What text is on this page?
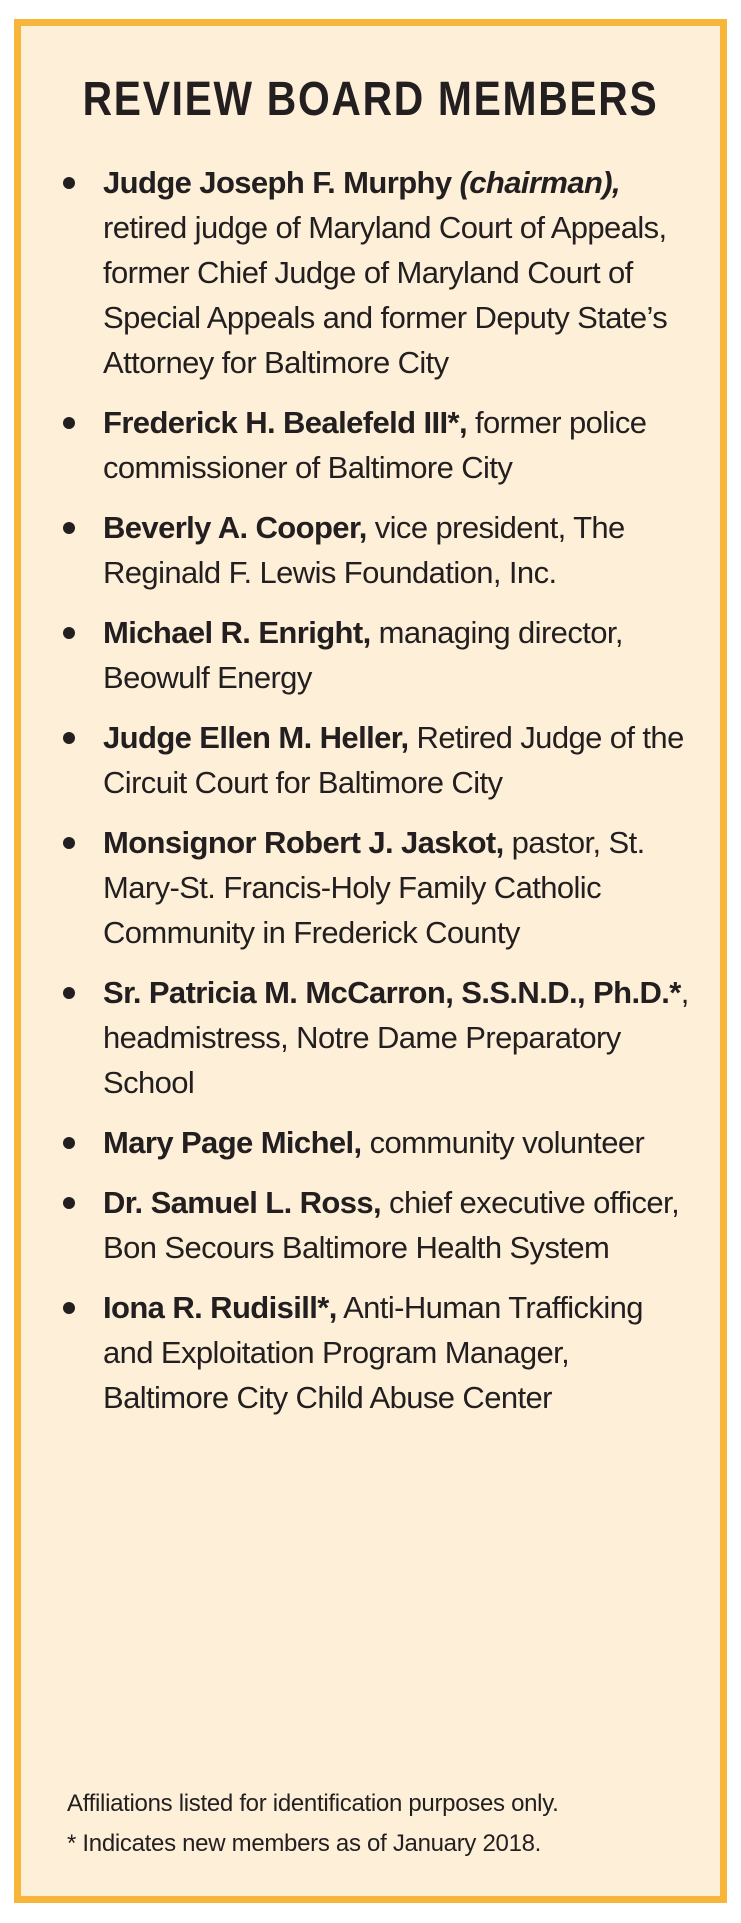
REVIEW BOARD MEMBERS
Judge Joseph F. Murphy (chairman), retired judge of Maryland Court of Appeals, former Chief Judge of Maryland Court of Special Appeals and former Deputy State’s Attorney for Baltimore City
Frederick H. Bealefeld III*, former police commissioner of Baltimore City
Beverly A. Cooper, vice president, The Reginald F. Lewis Foundation, Inc.
Michael R. Enright, managing director, Beowulf Energy
Judge Ellen M. Heller, Retired Judge of the Circuit Court for Baltimore City
Monsignor Robert J. Jaskot, pastor, St. Mary-St. Francis-Holy Family Catholic Community in Frederick County
Sr. Patricia M. McCarron, S.S.N.D., Ph.D.*, headmistress, Notre Dame Preparatory School
Mary Page Michel, community volunteer
Dr. Samuel L. Ross, chief executive officer, Bon Secours Baltimore Health System
Iona R. Rudisill*, Anti-Human Trafficking and Exploitation Program Manager, Baltimore City Child Abuse Center

Affiliations listed for identification purposes only.

* Indicates new members as of January 2018.
